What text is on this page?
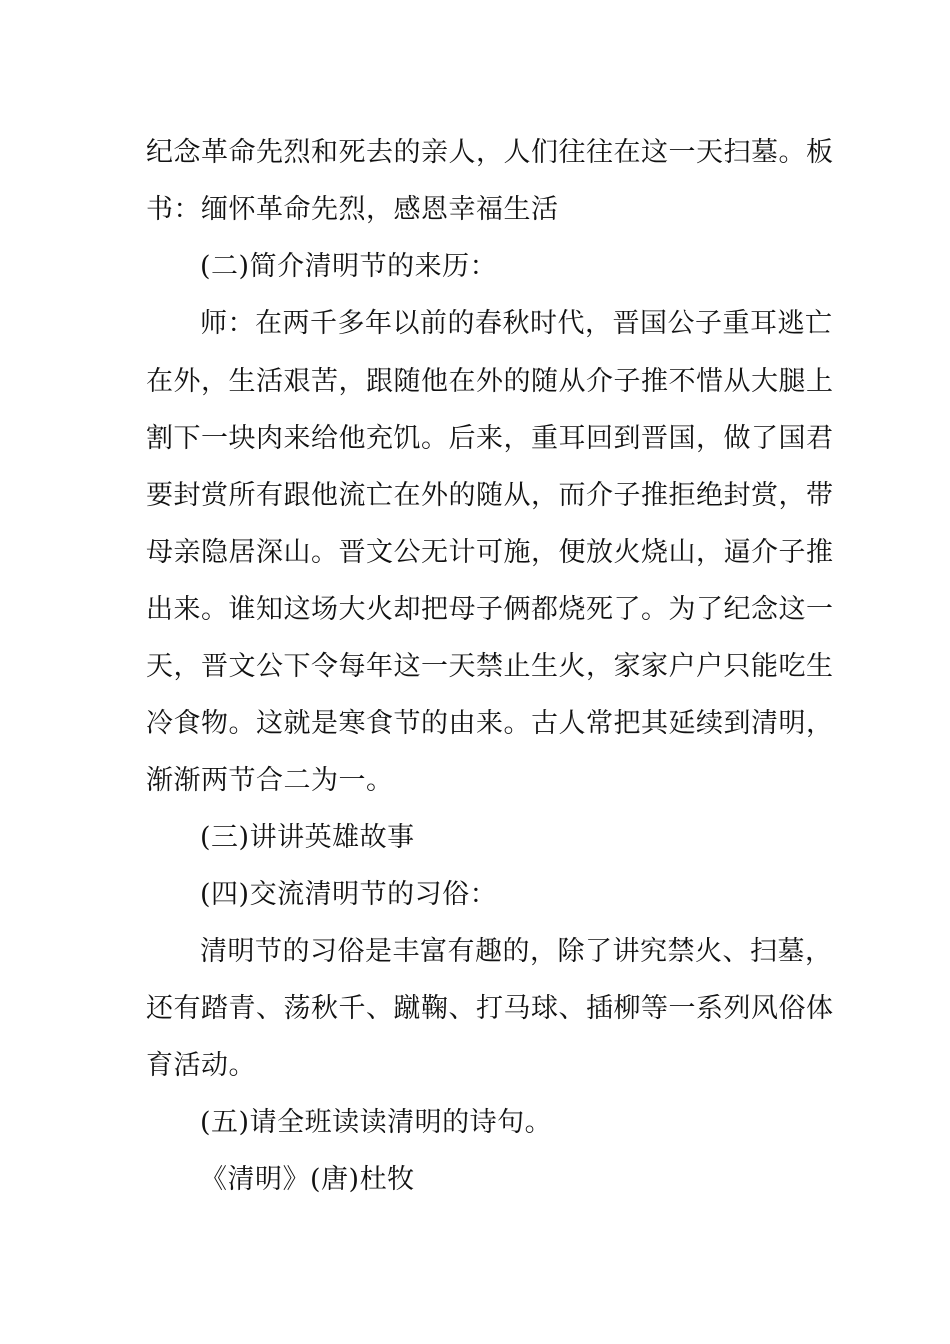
纪念革命先烈和死去的亲人，人们往往在这一天扫墓。板
书：缅怀革命先烈，感恩幸福生活
(二)简介清明节的来历：
师：在两千多年以前的春秋时代，晋国公子重耳逃亡
在外，生活艰苦，跟随他在外的随从介子推不惜从大腿上
割下一块肉来给他充饥。后来，重耳回到晋国，做了国君
要封赏所有跟他流亡在外的随从，而介子推拒绝封赏，带
母亲隐居深山。晋文公无计可施，便放火烧山，逼介子推
出来。谁知这场大火却把母子俩都烧死了。为了纪念这一
天，晋文公下令每年这一天禁止生火，家家户户只能吃生
冷食物。这就是寒食节的由来。古人常把其延续到清明，
渐渐两节合二为一。
(三)讲讲英雄故事
(四)交流清明节的习俗：
清明节的习俗是丰富有趣的，除了讲究禁火、扫墓，
还有踏青、荡秋千、蹴鞠、打马球、插柳等一系列风俗体
育活动。
(五)请全班读读清明的诗句。
《清明》(唐)杜牧
